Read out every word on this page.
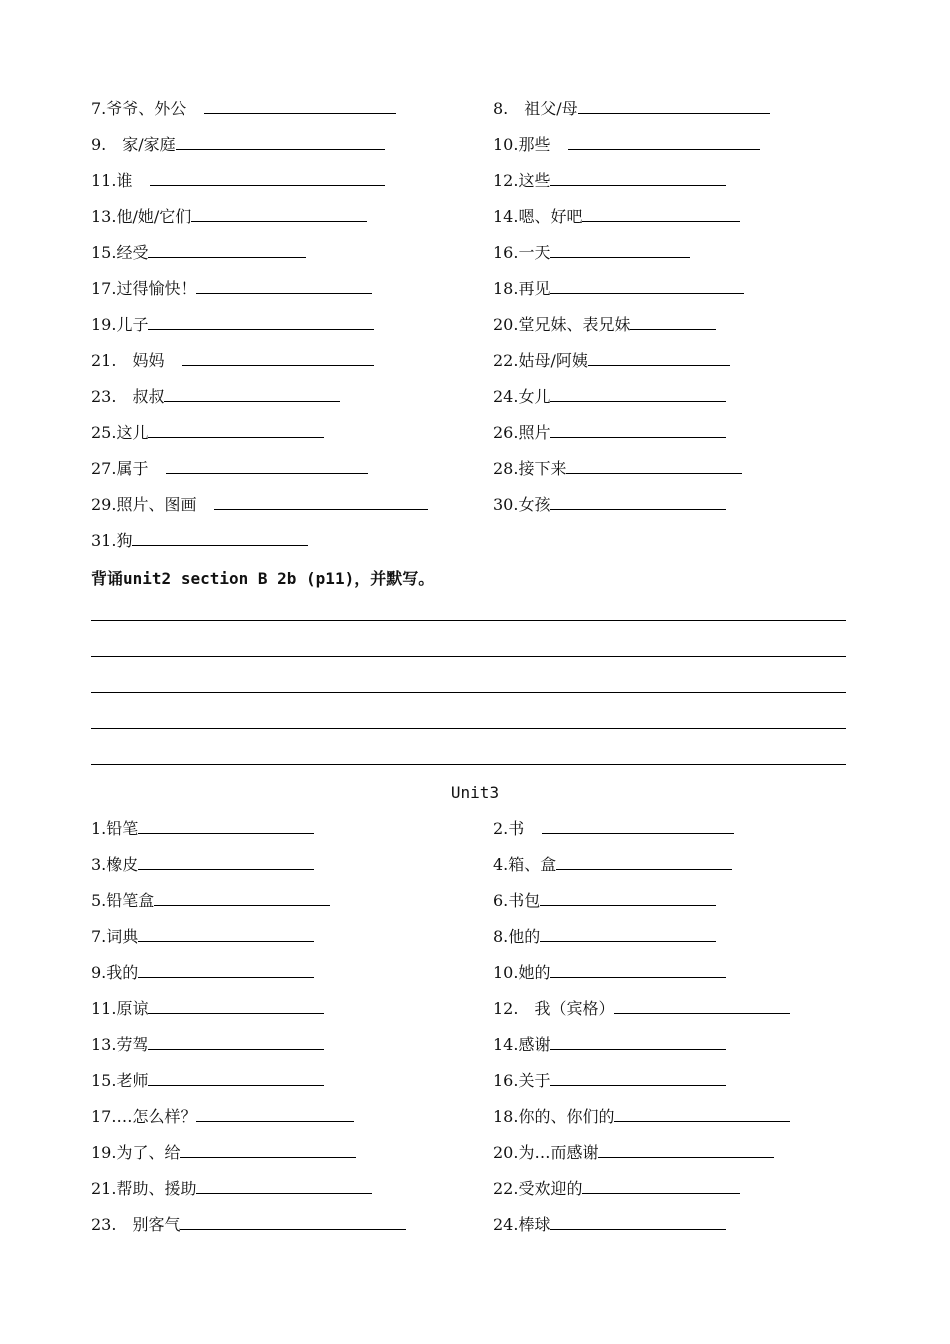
7.爷爷、外公	8.　祖父/母
9.　家/家庭	10.那些
11.谁	12.这些
13.他/她/它们	14.嗯、好吧
15.经受	16.一天
17.过得愉快！	18.再见
19.儿子	20.堂兄妹、表兄妹
21.　妈妈	22.姑母/阿姨
23.　叔叔	24.女儿
25.这儿	26.照片
27.属于	28.接下来
29.照片、图画	30.女孩
31.狗
背诵unit2 section B 2b (p11)，并默写。
Unit3
1.铅笔	2.书
3.橡皮	4.箱、盒
5.铅笔盒	6.书包
7.词典	8.他的
9.我的	10.她的
11.原谅	12.　我（宾格）
13.劳驾	14.感谢
15.老师	16.关于
17.…怎么样？	18.你的、你们的
19.为了、给	20.为…而感谢
21.帮助、援助	22.受欢迎的
23.　别客气	24.棒球
